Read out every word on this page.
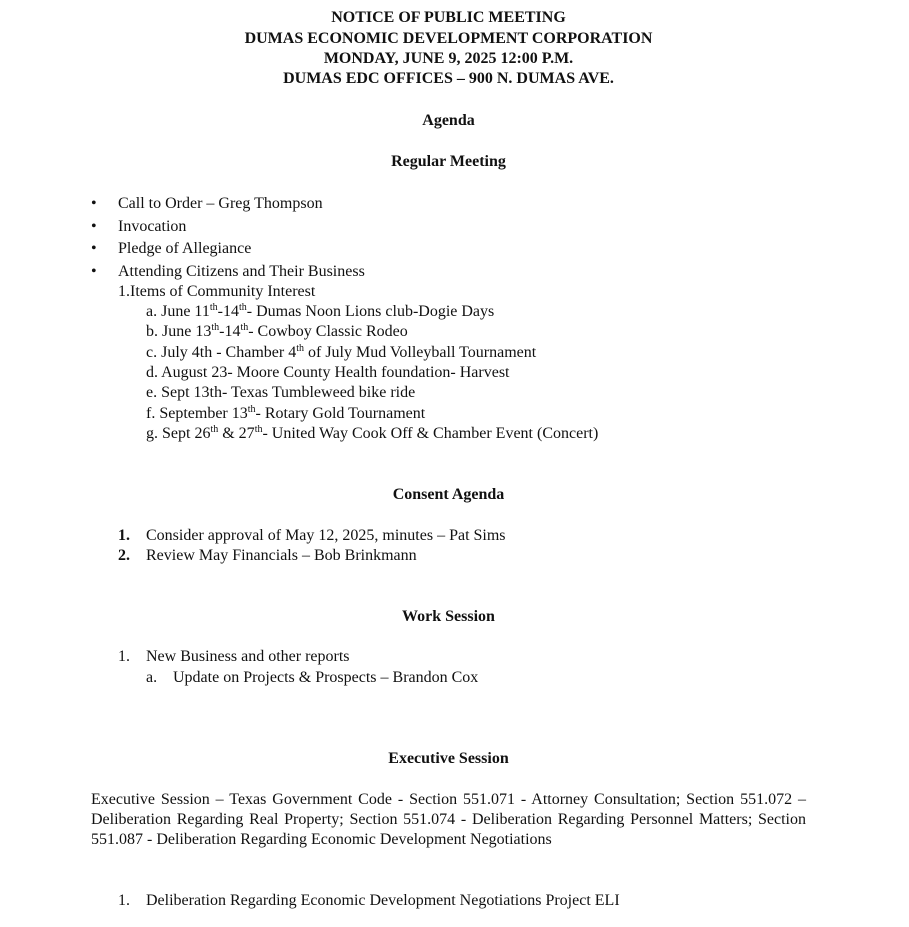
NOTICE OF PUBLIC MEETING
DUMAS ECONOMIC DEVELOPMENT CORPORATION
MONDAY, JUNE 9, 2025 12:00 P.M.
DUMAS EDC OFFICES – 900 N. DUMAS AVE.
Agenda
Regular Meeting
• Call to Order – Greg Thompson
• Invocation
• Pledge of Allegiance
• Attending Citizens and Their Business
1.Items of Community Interest
a. June 11th-14th- Dumas Noon Lions club-Dogie Days
b. June 13th-14th- Cowboy Classic Rodeo
c. July 4th - Chamber 4th of July Mud Volleyball Tournament
d. August 23- Moore County Health foundation- Harvest
e. Sept 13th- Texas Tumbleweed bike ride
f. September 13th- Rotary Gold Tournament
g. Sept 26th & 27th- United Way Cook Off & Chamber Event (Concert)
Consent Agenda
1. Consider approval of May 12, 2025, minutes – Pat Sims
2. Review May Financials – Bob Brinkmann
Work Session
1. New Business and other reports
a. Update on Projects & Prospects – Brandon Cox
Executive Session
Executive Session – Texas Government Code - Section 551.071 - Attorney Consultation; Section 551.072 – Deliberation Regarding Real Property; Section 551.074 - Deliberation Regarding Personnel Matters; Section 551.087 - Deliberation Regarding Economic Development Negotiations
1. Deliberation Regarding Economic Development Negotiations Project ELI
